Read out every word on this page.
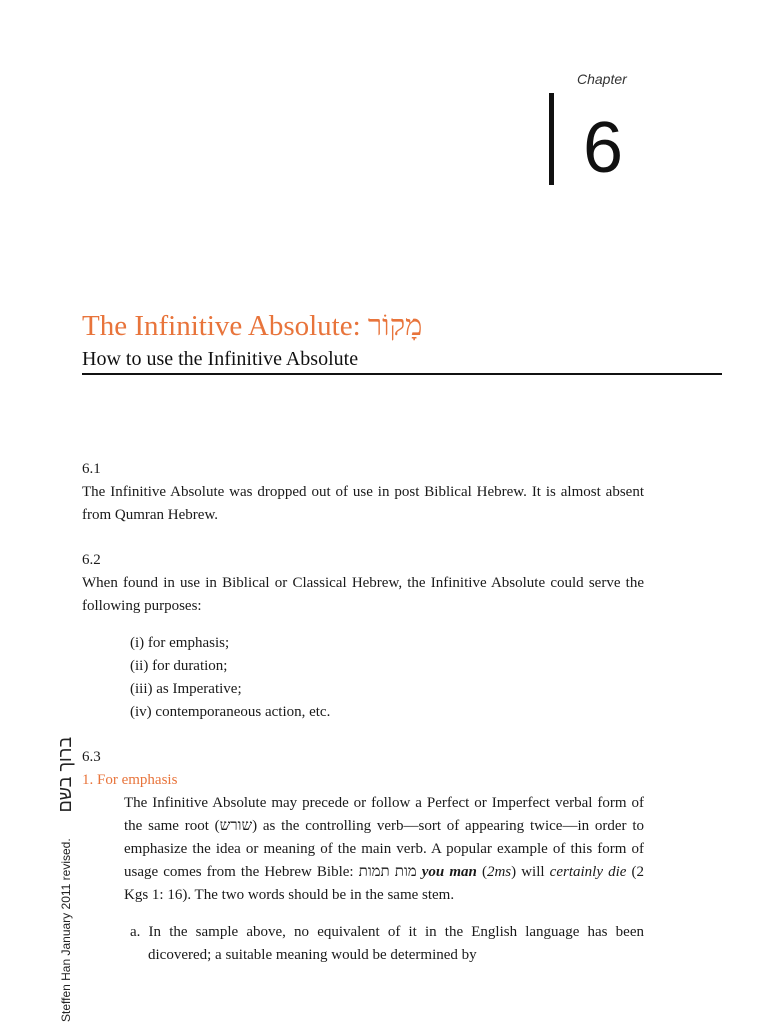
Chapter
6
The Infinitive Absolute: מָקוֹר
How to use the Infinitive Absolute

6.1

The Infinitive Absolute was dropped out of use in post Biblical Hebrew. It is almost absent from Qumran Hebrew.

6.2

When found in use in Biblical or Classical Hebrew, the Infinitive Absolute could serve the following purposes:

(i) for emphasis;
(ii) for duration;
(iii) as Imperative;
(iv) contemporaneous action, etc.

6.3

1. For emphasis

The Infinitive Absolute may precede or follow a Perfect or Imperfect verbal form of the same root (שורש) as the controlling verb—sort of appearing twice—in order to emphasize the idea or meaning of the main verb. A popular example of this form of usage comes from the Hebrew Bible: מות תמות you man (2ms) will certainly die (2 Kgs 1: 16). The two words should be in the same stem.

a. In the sample above, no equivalent of it in the English language has been dicovered; a suitable meaning would be determined by

Steffen Han January 2011 revised.
ברוך בשם
